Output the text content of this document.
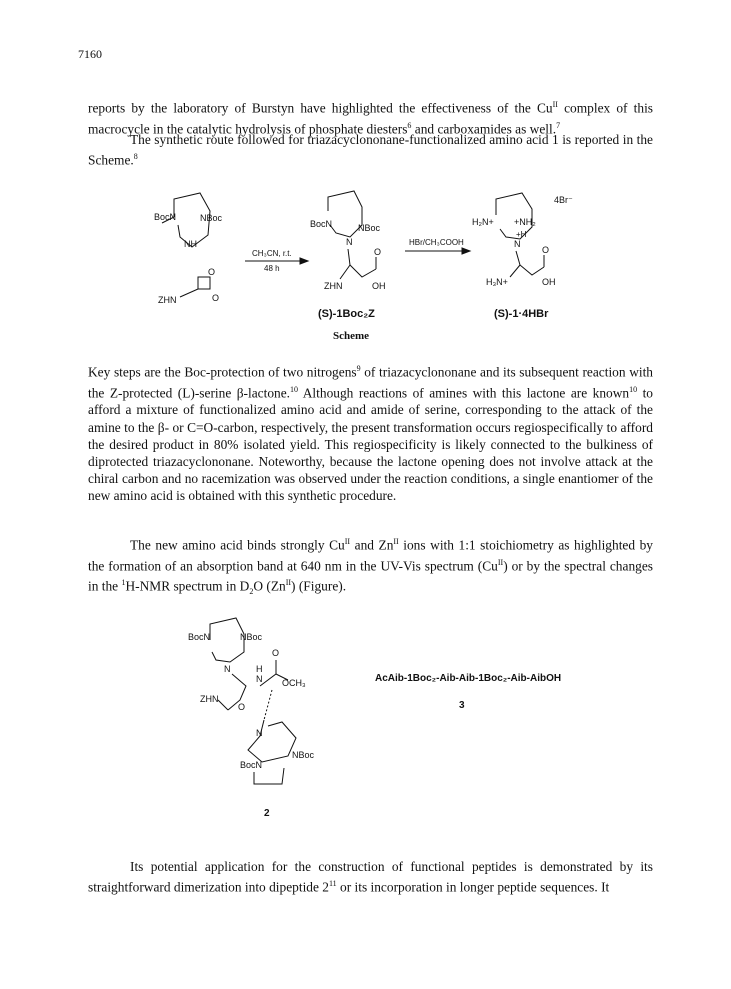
7160

reports by the laboratory of Burstyn have highlighted the effectiveness of the $Cu^{II}$ complex of this macrocycle in the catalytic hydrolysis of phosphate diesters$^6$ and carboxamides as well.$^7$

The synthetic route followed for triazacyclononane-functionalized amino acid 1 is reported in the Scheme.$^8$

BocN	NBoc
NH
O
ZHN	O
CH₃CN, r.t.
48 h
BocN	NBoc
N
O
ZHN	OH
(S)-1Boc₂Z
HBr/CH₃COOH
H₂N+ +NH₂
+H
N
O
H₃N+	OH
4Br⁻
(S)-1·4HBr
Scheme

Key steps are the Boc-protection of two nitrogens$^9$ of triazacyclononane and its subsequent reaction with the Z-protected (L)-serine β-lactone.$^{10}$ Although reactions of amines with this lactone are known$^{10}$ to afford a mixture of functionalized amino acid and amide of serine, corresponding to the attack of the amine to the β- or C=O-carbon, respectively, the present transformation occurs regiospecifically to afford the desired product in 80% isolated yield. This regiospecificity is likely connected to the bulkiness of diprotected triazacyclononane. Noteworthy, because the lactone opening does not involve attack at the chiral carbon and no racemization was observed under the reaction conditions, a single enantiomer of the new amino acid is obtained with this synthetic procedure.

The new amino acid binds strongly $Cu^{II}$ and $Zn^{II}$ ions with 1:1 stoichiometry as highlighted by the formation of an absorption band at 640 nm in the UV-Vis spectrum $(Cu^{II})$ or by the spectral changes in the $^1$H-NMR spectrum in $D_2O$ $(Zn^{II})$ (Figure).

BocN	NBoc
N	H
N
O
OCH₃
ZHN
O
N
NBoc
BocN
2
AcAib-1Boc₂-Aib-Aib-1Boc₂-Aib-AibOH
3

Its potential application for the construction of functional peptides is demonstrated by its straightforward dimerization into dipeptide $2^{11}$ or its incorporation in longer peptide sequences. It
